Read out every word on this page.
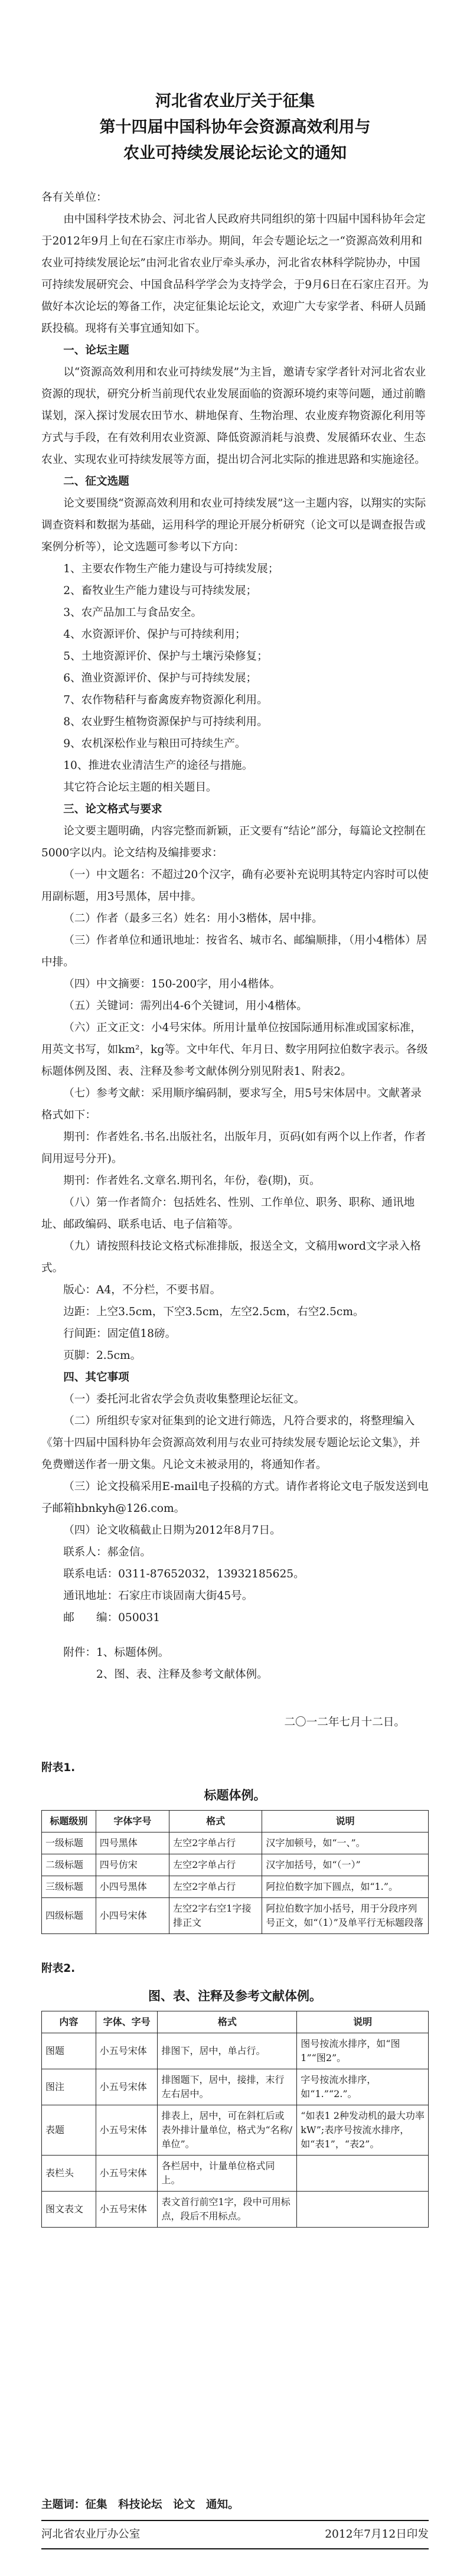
河北省农业厅关于征集
第十四届中国科协年会资源高效利用与
农业可持续发展论坛论文的通知

各有关单位：

由中国科学技术协会、河北省人民政府共同组织的第十四届中国科协年会定于2012年9月上旬在石家庄市举办。期间，年会专题论坛之一“资源高效利用和农业可持续发展论坛”由河北省农业厅牵头承办，河北省农林科学院协办，中国可持续发展研究会、中国食品科学学会为支持学会，于9月6日在石家庄召开。为做好本次论坛的筹备工作，决定征集论坛论文，欢迎广大专家学者、科研人员踊跃投稿。现将有关事宜通知如下。

一、论坛主题

以“资源高效利用和农业可持续发展”为主旨，邀请专家学者针对河北省农业资源的现状，研究分析当前现代农业发展面临的资源环境约束等问题，通过前瞻谋划，深入探讨发展农田节水、耕地保育、生物治理、农业废弃物资源化利用等方式与手段，在有效利用农业资源、降低资源消耗与浪费、发展循环农业、生态农业、实现农业可持续发展等方面，提出切合河北实际的推进思路和实施途径。

二、征文选题

论文要围绕“资源高效利用和农业可持续发展”这一主题内容，以翔实的实际调查资料和数据为基础，运用科学的理论开展分析研究（论文可以是调查报告或案例分析等），论文选题可参考以下方向：

1、主要农作物生产能力建设与可持续发展；

2、畜牧业生产能力建设与可持续发展；

3、农产品加工与食品安全。

4、水资源评价、保护与可持续利用；

5、土地资源评价、保护与土壤污染修复；

6、渔业资源评价、保护与可持续发展；

7、农作物秸秆与畜禽废弃物资源化利用。

8、农业野生植物资源保护与可持续利用。

9、农机深松作业与粮田可持续生产。

10、推进农业清洁生产的途径与措施。

其它符合论坛主题的相关题目。

三、论文格式与要求

论文要主题明确，内容完整而新颖，正文要有“结论”部分，每篇论文控制在5000字以内。论文结构及编排要求：

（一）中文题名：不超过20个汉字，确有必要补充说明其特定内容时可以使用副标题，用3号黑体，居中排。

（二）作者（最多三名）姓名：用小3楷体，居中排。

（三）作者单位和通讯地址：按省名、城市名、邮编顺排，（用小4楷体）居中排。

（四）中文摘要：150-200字，用小4楷体。

（五）关键词：需列出4-6个关键词，用小4楷体。

（六）正文正文：小4号宋体。所用计量单位按国际通用标准或国家标准，用英文书写，如km²，kg等。文中年代、年月日、数字用阿拉伯数字表示。各级标题体例及图、表、注释及参考文献体例分别见附表1、附表2。

（七）参考文献：采用顺序编码制，要求写全，用5号宋体居中。文献著录格式如下：

期刊：作者姓名.书名.出版社名，出版年月，页码(如有两个以上作者，作者间用逗号分开)。

期刊：作者姓名.文章名.期刊名，年份，卷(期)，页。

（八）第一作者简介：包括姓名、性别、工作单位、职务、职称、通讯地址、邮政编码、联系电话、电子信箱等。

（九）请按照科技论文格式标准排版，报送全文，文稿用word文字录入格式。

版心：A4，不分栏，不要书眉。

边距：上空3.5cm，下空3.5cm，左空2.5cm，右空2.5cm。

行间距：固定值18磅。

页脚：2.5cm。

四、其它事项

（一）委托河北省农学会负责收集整理论坛征文。

（二）所组织专家对征集到的论文进行筛选，凡符合要求的，将整理编入《第十四届中国科协年会资源高效利用与农业可持续发展专题论坛论文集》，并免费赠送作者一册文集。凡论文未被录用的，将通知作者。

（三）论文投稿采用E-mail电子投稿的方式。请作者将论文电子版发送到电子邮箱hbnkyh@126.com。

（四）论文收稿截止日期为2012年8月7日。

联系人：郝金信。

联系电话：0311-87652032，13932185625。

通讯地址：石家庄市谈固南大街45号。

邮　　编：050031

附件：1、标题体例。

2、图、表、注释及参考文献体例。

二〇一二年七月十二日。

附表1.

标题体例。

标题级别	字体字号	格式	说明
一级标题	四号黑体	左空2字单占行	汉字加顿号，如“一、”。
二级标题	四号仿宋	左空2字单占行	汉字加括号，如“（一）”
三级标题	小四号黑体	左空2字单占行	阿拉伯数字加下圆点，如“1.”。
四级标题	小四号宋体	左空2字右空1字接排正文	阿拉伯数字加小括号，用于分段序列号正文，如“（1）”及单平行无标题段落

附表2.

图、表、注释及参考文献体例。

内容	字体、字号	格式	说明
图题	小五号宋体	排图下，居中，单占行。	图号按流水排序，如“图1”“图2”。
图注	小五号宋体	排图题下，居中，接排，末行左右居中。	字号按流水排序，如“1.”“2.”。
表题	小五号宋体	排表上，居中，可在斜杠后或表外排计量单位，格式为“名称/单位”。	“如表1 2种发动机的最大功率kW”;表序号按流水排序，如“表1”，“表2”。
表栏头	小五号宋体	各栏居中，计量单位格式同上。	
图文表文	小五号宋体	表文首行前空1字，段中可用标点，段后不用标点。	

主题词：征集　科技论坛　论文　通知。

河北省农业厅办公室	2012年7月12日印发
